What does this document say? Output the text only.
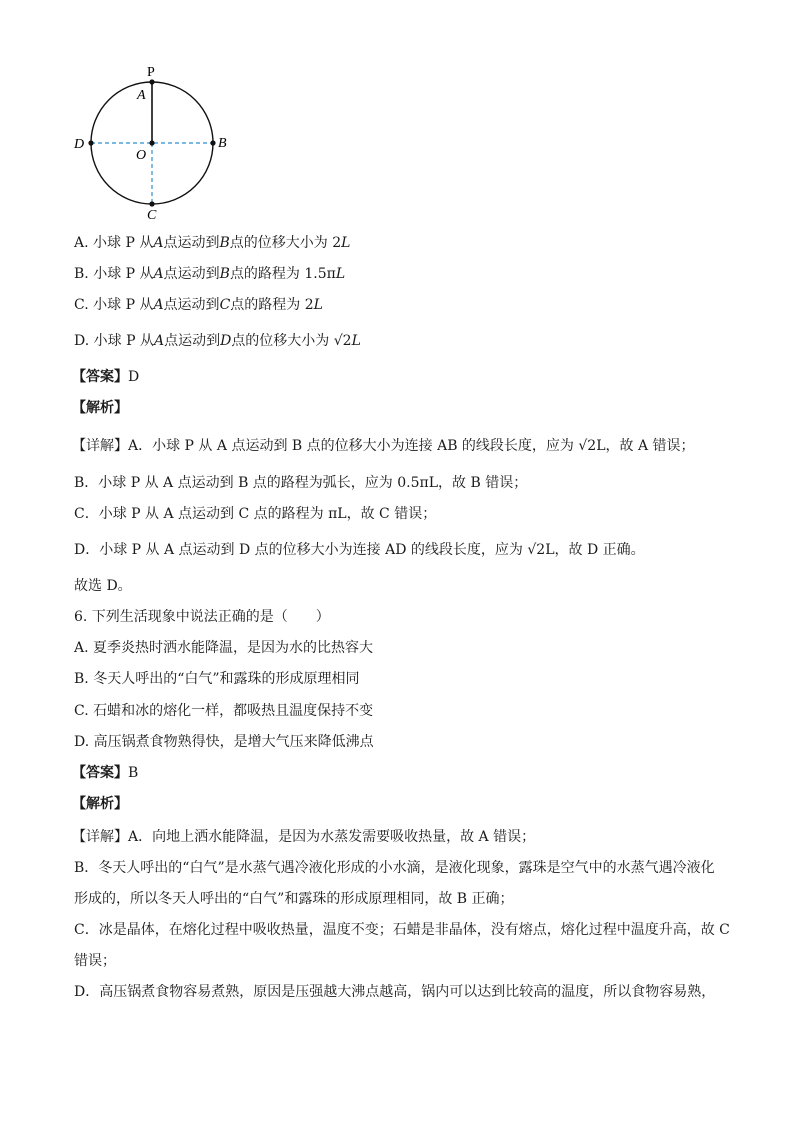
P
A
D
O
B
C
A. 小球 P 从A点运动到B点的位移大小为 2L
B. 小球 P 从A点运动到B点的路程为 1.5πL
C. 小球 P 从A点运动到C点的路程为 2L
D. 小球 P 从A点运动到D点的位移大小为 √2L
【答案】D
【解析】
【详解】A．小球 P 从 A 点运动到 B 点的位移大小为连接 AB 的线段长度，应为 √2L，故 A 错误；
B．小球 P 从 A 点运动到 B 点的路程为弧长，应为 0.5πL，故 B 错误；
C．小球 P 从 A 点运动到 C 点的路程为 πL，故 C 错误；
D．小球 P 从 A 点运动到 D 点的位移大小为连接 AD 的线段长度，应为 √2L，故 D 正确。
故选 D。
6. 下列生活现象中说法正确的是（　　）
A. 夏季炎热时洒水能降温，是因为水的比热容大
B. 冬天人呼出的“白气”和露珠的形成原理相同
C. 石蜡和冰的熔化一样，都吸热且温度保持不变
D. 高压锅煮食物熟得快，是增大气压来降低沸点
【答案】B
【解析】
【详解】A．向地上洒水能降温，是因为水蒸发需要吸收热量，故 A 错误；
B．冬天人呼出的“白气”是水蒸气遇冷液化形成的小水滴，是液化现象，露珠是空气中的水蒸气遇冷液化
形成的，所以冬天人呼出的“白气”和露珠的形成原理相同，故 B 正确；
C．冰是晶体，在熔化过程中吸收热量，温度不变；石蜡是非晶体，没有熔点，熔化过程中温度升高，故 C
错误；
D．高压锅煮食物容易煮熟，原因是压强越大沸点越高，锅内可以达到比较高的温度，所以食物容易熟，
